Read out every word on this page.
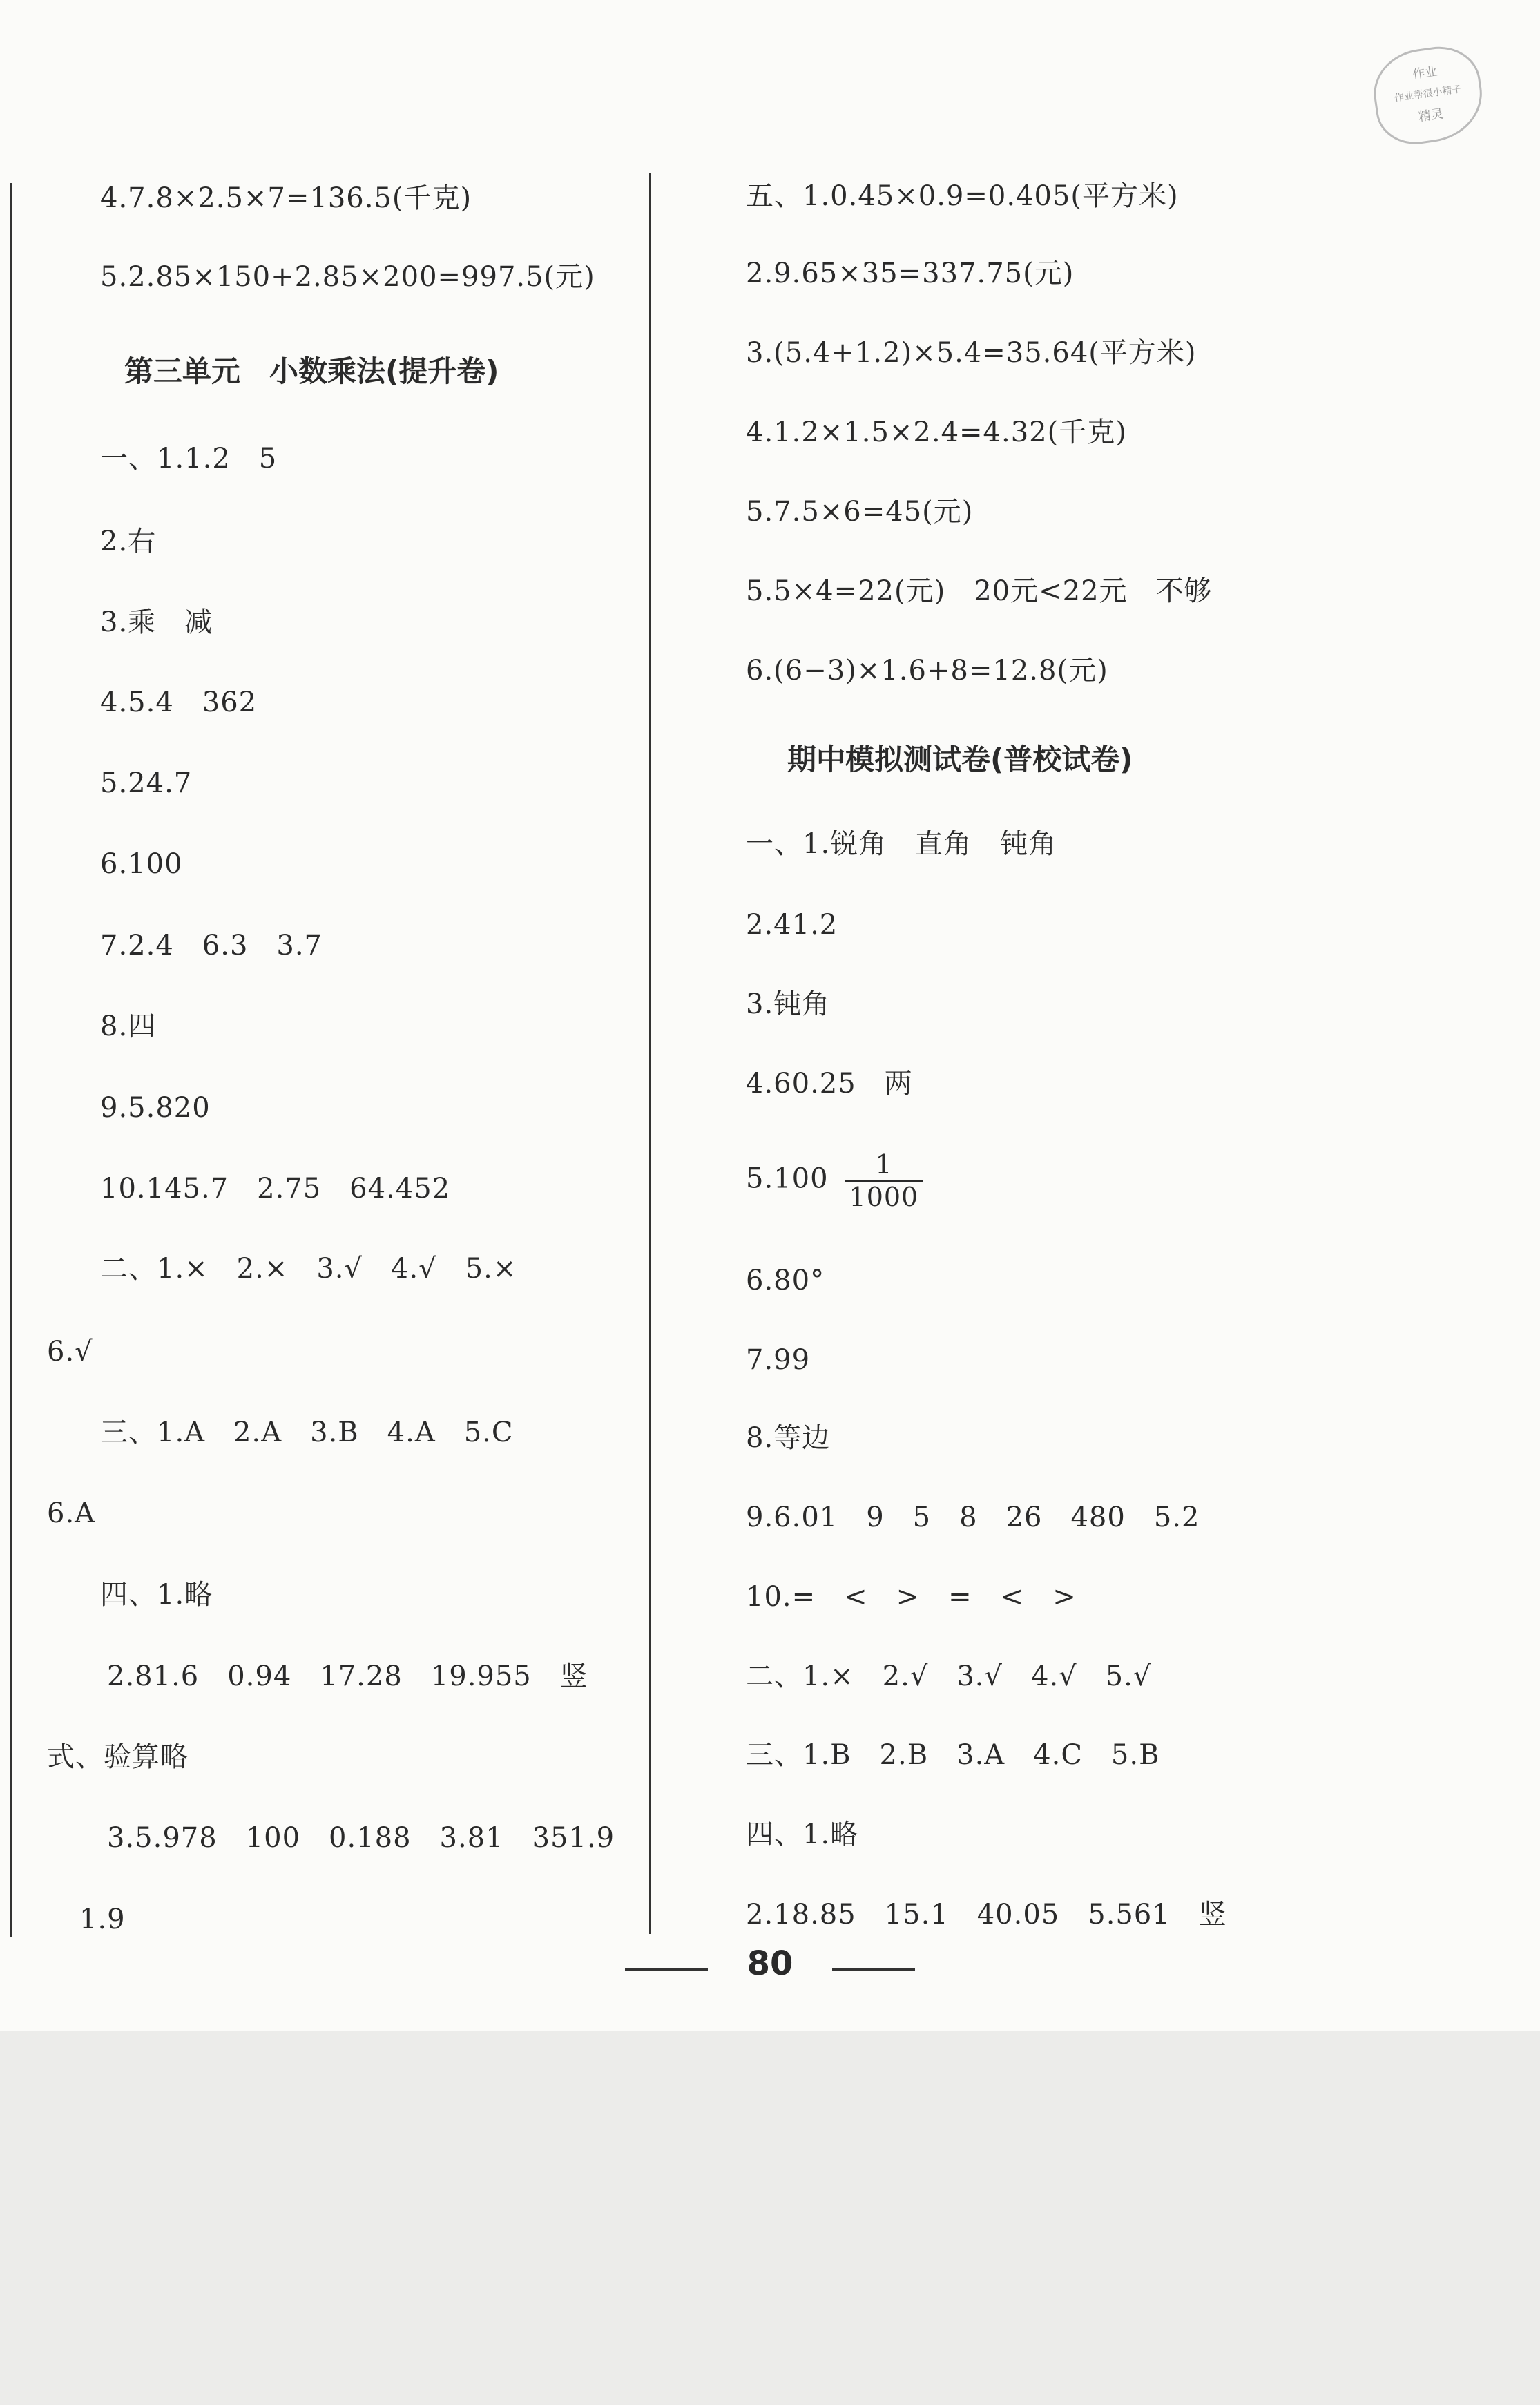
作业
作业帮很小精子
精灵
4.7.8×2.5×7=136.5(千克)
5.2.85×150+2.85×200=997.5(元)
第三单元　小数乘法(提升卷)
一、1.1.2　5
2.右
3.乘　减
4.5.4　362
5.24.7
6.100
7.2.4　6.3　3.7
8.四
9.5.820
10.145.7　2.75　64.452
二、1.×　2.×　3.√　4.√　5.×
6.√
三、1.A　2.A　3.B　4.A　5.C
6.A
四、1.略
2.81.6　0.94　17.28　19.955　竖
式、验算略
3.5.978　100　0.188　3.81　351.9
1.9
五、1.0.45×0.9=0.405(平方米)
2.9.65×35=337.75(元)
3.(5.4+1.2)×5.4=35.64(平方米)
4.1.2×1.5×2.4=4.32(千克)
5.7.5×6=45(元)
5.5×4=22(元)　20元<22元　不够
6.(6−3)×1.6+8=12.8(元)
期中模拟测试卷(普校试卷)
一、1.锐角　直角　钝角
2.41.2
3.钝角
4.60.25　两
$5.100 \frac{1}{1000}$
6.80°
7.99
8.等边
9.6.01　9　5　8　26　480　5.2
10.=　<　>　=　<　>
二、1.×　2.√　3.√　4.√　5.√
三、1.B　2.B　3.A　4.C　5.B
四、1.略
2.18.85　15.1　40.05　5.561　竖
80
